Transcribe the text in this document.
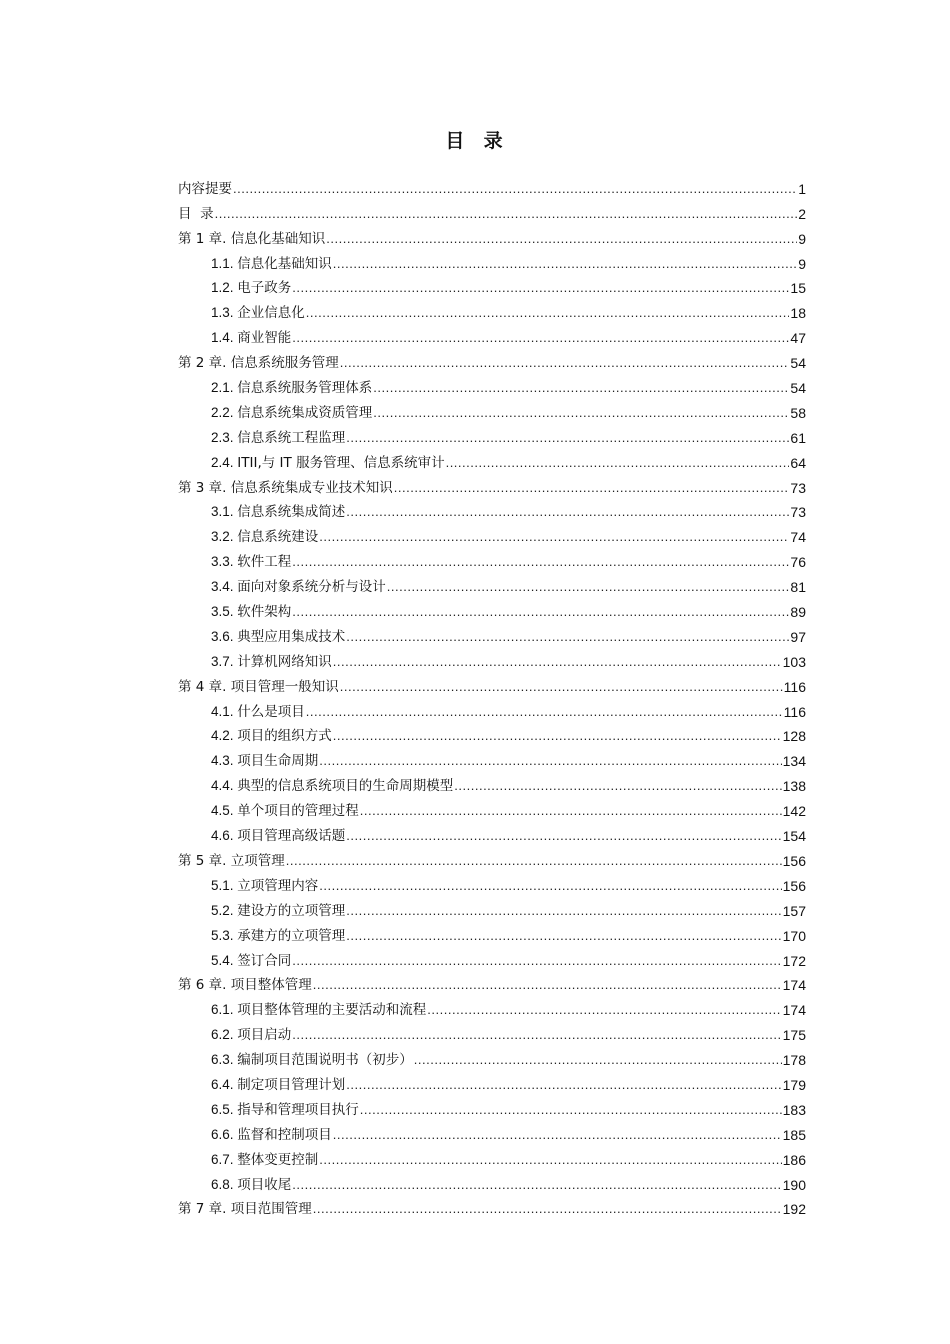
目  录
内容提要 .....	1
目  录 .....	2
第 1 章. 信息化基础知识 .....	9
1.1. 信息化基础知识 .....	9
1.2. 电子政务 .....	15
1.3. 企业信息化 .....	18
1.4. 商业智能 .....	47
第 2 章. 信息系统服务管理 .....	54
2.1. 信息系统服务管理体系 .....	54
2.2. 信息系统集成资质管理 .....	58
2.3. 信息系统工程监理 .....	61
2.4. ITII,与 IT 服务管理、信息系统审计 .....	64
第 3 章. 信息系统集成专业技术知识 .....	73
3.1. 信息系统集成简述 .....	73
3.2. 信息系统建设 .....	74
3.3. 软件工程 .....	76
3.4. 面向对象系统分析与设计 .....	81
3.5. 软件架构 .....	89
3.6. 典型应用集成技术 .....	97
3.7. 计算机网络知识 .....	103
第 4 章. 项目管理一般知识 .....	116
4.1. 什么是项目 .....	116
4.2. 项目的组织方式 .....	128
4.3. 项目生命周期 .....	134
4.4. 典型的信息系统项目的生命周期模型 .....	138
4.5. 单个项目的管理过程 .....	142
4.6. 项目管理高级话题 .....	154
第 5 章. 立项管理 .....	156
5.1. 立项管理内容 .....	156
5.2. 建设方的立项管理 .....	157
5.3. 承建方的立项管理 .....	170
5.4. 签订合同 .....	172
第 6 章. 项目整体管理 .....	174
6.1. 项目整体管理的主要活动和流程 .....	174
6.2. 项目启动 .....	175
6.3. 编制项目范围说明书（初步） .....	178
6.4. 制定项目管理计划 .....	179
6.5. 指导和管理项目执行 .....	183
6.6. 监督和控制项目 .....	185
6.7. 整体变更控制 .....	186
6.8. 项目收尾 .....	190
第 7 章. 项目范围管理 .....	192
